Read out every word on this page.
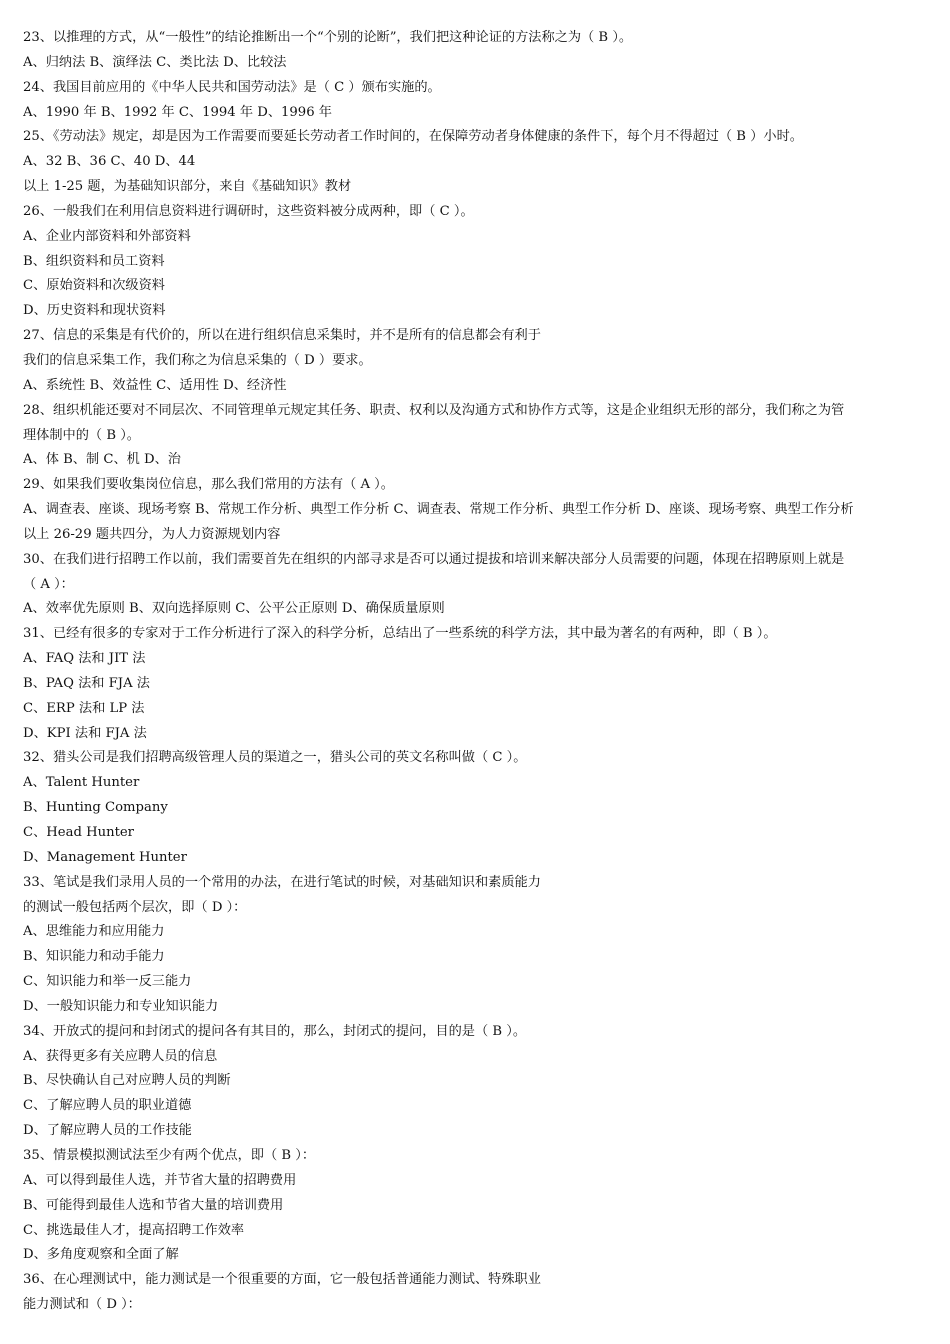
23、以推理的方式，从“一般性”的结论推断出一个“个别的论断”，我们把这种论证的方法称之为（ B ）。
A、归纳法 B、演绎法 C、类比法 D、比较法
24、我国目前应用的《中华人民共和国劳动法》是（ C ）颁布实施的。
A、1990 年 B、1992 年 C、1994 年 D、1996 年
25、《劳动法》规定，却是因为工作需要而要延长劳动者工作时间的，在保障劳动者身体健康的条件下，每个月不得超过（ B ）小时。
A、32 B、36 C、40 D、44
以上 1-25 题，为基础知识部分，来自《基础知识》教材
26、一般我们在利用信息资料进行调研时，这些资料被分成两种，即（ C ）。
A、企业内部资料和外部资料
B、组织资料和员工资料
C、原始资料和次级资料
D、历史资料和现状资料
27、信息的采集是有代价的，所以在进行组织信息采集时，并不是所有的信息都会有利于
我们的信息采集工作，我们称之为信息采集的（ D ）要求。
A、系统性 B、效益性 C、适用性 D、经济性
28、组织机能还要对不同层次、不同管理单元规定其任务、职责、权利以及沟通方式和协作方式等，这是企业组织无形的部分，我们称之为管
理体制中的（ B ）。
A、体 B、制 C、机 D、治
29、如果我们要收集岗位信息，那么我们常用的方法有（ A ）。
A、调查表、座谈、现场考察 B、常规工作分析、典型工作分析 C、调查表、常规工作分析、典型工作分析 D、座谈、现场考察、典型工作分析
以上 26-29 题共四分，为人力资源规划内容
30、在我们进行招聘工作以前，我们需要首先在组织的内部寻求是否可以通过提拔和培训来解决部分人员需要的问题，体现在招聘原则上就是
（ A ）：
A、效率优先原则 B、双向选择原则 C、公平公正原则 D、确保质量原则
31、已经有很多的专家对于工作分析进行了深入的科学分析，总结出了一些系统的科学方法，其中最为著名的有两种，即（ B ）。
A、FAQ 法和 JIT 法
B、PAQ 法和 FJA 法
C、ERP 法和 LP 法
D、KPI 法和 FJA 法
32、猎头公司是我们招聘高级管理人员的渠道之一，猎头公司的英文名称叫做（ C ）。
A、Talent Hunter
B、Hunting Company
C、Head Hunter
D、Management Hunter
33、笔试是我们录用人员的一个常用的办法，在进行笔试的时候，对基础知识和素质能力
的测试一般包括两个层次，即（ D ）：
A、思维能力和应用能力
B、知识能力和动手能力
C、知识能力和举一反三能力
D、一般知识能力和专业知识能力
34、开放式的提问和封闭式的提问各有其目的，那么，封闭式的提问，目的是（ B ）。
A、获得更多有关应聘人员的信息
B、尽快确认自己对应聘人员的判断
C、了解应聘人员的职业道德
D、了解应聘人员的工作技能
35、情景模拟测试法至少有两个优点，即（ B ）：
A、可以得到最佳人选，并节省大量的招聘费用
B、可能得到最佳人选和节省大量的培训费用
C、挑选最佳人才，提高招聘工作效率
D、多角度观察和全面了解
36、在心理测试中，能力测试是一个很重要的方面，它一般包括普通能力测试、特殊职业
能力测试和（ D ）：
